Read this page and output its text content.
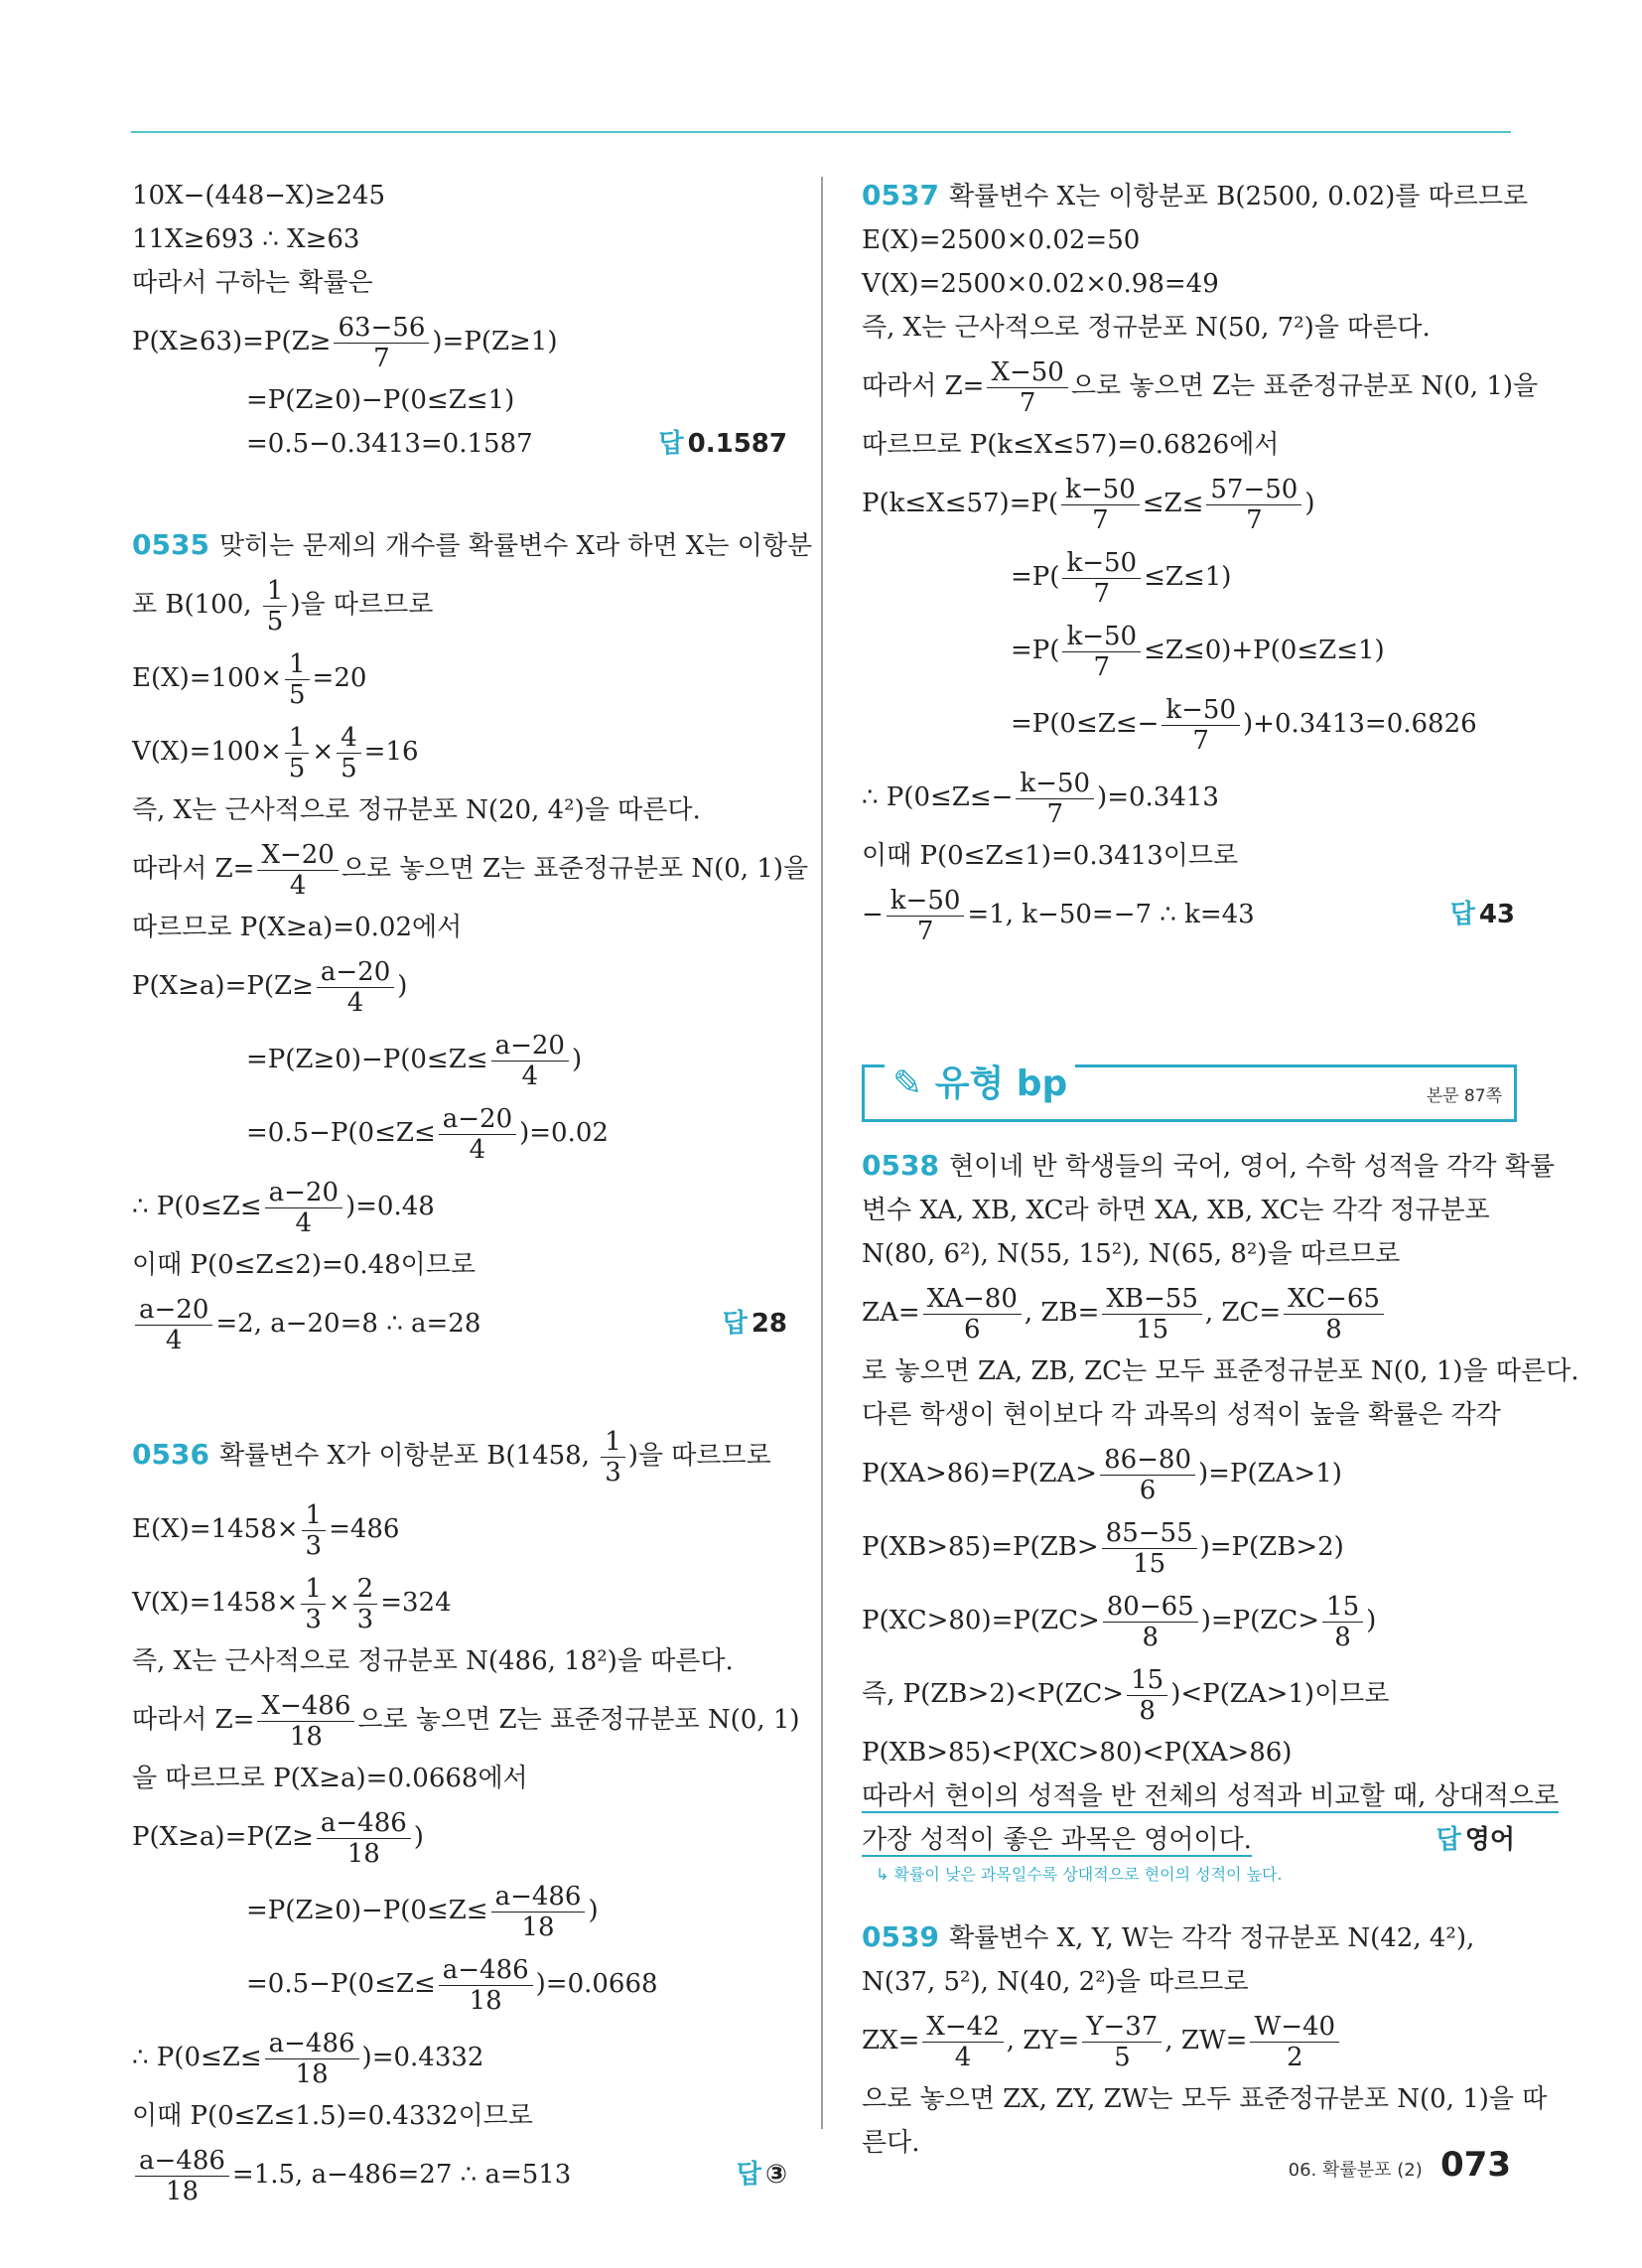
10X−(448−X)≥245
11X≥693 ∴ X≥63
따라서 구하는 확률은
$P(X\ge 63)=P(Z\ge \frac{63-56}{7} )=P(Z\ge 1)$
=P(Z≥0)−P(0≤Z≤1)
=0.5−0.3413=0.1587	답 0.1587
0535 맞히는 문제의 개수를 확률변수 X라 하면 X는 이항분
포 B(100, $\frac{1}{5}$ )을 따르므로
$E(X)=100\times \frac{1}{5} =20$
$V(X)=100\times \frac{1}{5} \times \frac{4}{5} =16$
즉, X는 근사적으로 정규분포 N(20, 4²)을 따른다.
따라서 $Z= \frac{X-20}{4}$ 으로 놓으면 Z는 표준정규분포 N(0, 1)을
따르므로 P(X≥a)=0.02에서
$P(X\ge a)=P(Z\ge \frac{a-20}{4}$ )
$=P(Z\ge 0)-P(0\le Z\le \frac{a-20}{4}$ )
$=0.5-P(0\le Z\le \frac{a-20}{4} )=0.02$
∴ $P(0\le Z\le \frac{a-20}{4} )=0.48$
이때 P(0≤Z≤2)=0.48이므로
$\frac{a-20}{4} =2$, a−20=8 ∴ a=28	답 28
0536 확률변수 X가 이항분포 B(1458, $\frac{1}{3}$ )을 따르므로
$E(X)=1458\times \frac{1}{3} =486$
$V(X)=1458\times \frac{1}{3} \times \frac{2}{3} =324$
즉, X는 근사적으로 정규분포 N(486, 18²)을 따른다.
따라서 $Z= \frac{X-486}{18}$ 으로 놓으면 Z는 표준정규분포 N(0, 1)
을 따르므로 P(X≥a)=0.0668에서
$P(X\ge a)=P(Z\ge \frac{a-486}{18}$ )
$=P(Z\ge 0)-P(0\le Z\le \frac{a-486}{18}$ )
$=0.5-P(0\le Z\le \frac{a-486}{18} )=0.0668$
∴ $P(0\le Z\le \frac{a-486}{18} )=0.4332$
이때 P(0≤Z≤1.5)=0.4332이므로
$\frac{a-486}{18} =1.5$, a−486=27 ∴ a=513	답 ③
0537 확률변수 X는 이항분포 B(2500, 0.02)를 따르므로
E(X)=2500×0.02=50
V(X)=2500×0.02×0.98=49
즉, X는 근사적으로 정규분포 N(50, 7²)을 따른다.
따라서 $Z= \frac{X-50}{7}$ 으로 놓으면 Z는 표준정규분포 N(0, 1)을
따르므로 P(k≤X≤57)=0.6826에서
$P(k\le X\le 57)=P( \frac{k-50}{7} \le Z\le \frac{57-50}{7}$ )
$=P( \frac{k-50}{7} \le Z\le 1)$
$=P( \frac{k-50}{7} \le Z\le 0)+P(0\le Z\le 1)$
$=P(0\le Z\le- \frac{k-50}{7} )+0.3413=0.6826$
∴ $P(0\le Z\le- \frac{k-50}{7} )=0.3413$
이때 P(0≤Z≤1)=0.3413이므로
− $\frac{k-50}{7} =1$, k−50=−7 ∴ k=43	답 43
✎ 유형 bp	본문 87쪽
0538 현이네 반 학생들의 국어, 영어, 수학 성적을 각각 확률
변수 XA, XB, XC라 하면 XA, XB, XC는 각각 정규분포
N(80, 6²), N(55, 15²), N(65, 8²)을 따르므로
$ZA= \frac{XA-80}{6}$ , $ZB= \frac{XB-55}{15}$ , $ZC= \frac{XC-65}{8}$
로 놓으면 ZA, ZB, ZC는 모두 표준정규분포 N(0, 1)을 따른다.
다른 학생이 현이보다 각 과목의 성적이 높을 확률은 각각
$P(XA>86)=P(ZA> \frac{86-80}{6} )=P(ZA>1)$
$P(XB>85)=P(ZB> \frac{85-55}{15} )=P(ZB>2)$
$P(XC>80)=P(ZC> \frac{80-65}{8} )=P(ZC> \frac{15}{8}$ )
즉, $P(ZB>2)<P(ZC> \frac{15}{8} )<P(ZA>1)$이므로
P(XB>85)<P(XC>80)<P(XA>86)
따라서 현이의 성적을 반 전체의 성적과 비교할 때, 상대적으로
가장 성적이 좋은 과목은 영어이다.	답 영어
↳ 확률이 낮은 과목일수록 상대적으로 현이의 성적이 높다.
0539 확률변수 X, Y, W는 각각 정규분포 N(42, 4²),
N(37, 5²), N(40, 2²)을 따르므로
$ZX= \frac{X-42}{4}$ , $ZY= \frac{Y-37}{5}$ , $ZW= \frac{W-40}{2}$
으로 놓으면 ZX, ZY, ZW는 모두 표준정규분포 N(0, 1)을 따
른다.
06. 확률분포 (2) 073
